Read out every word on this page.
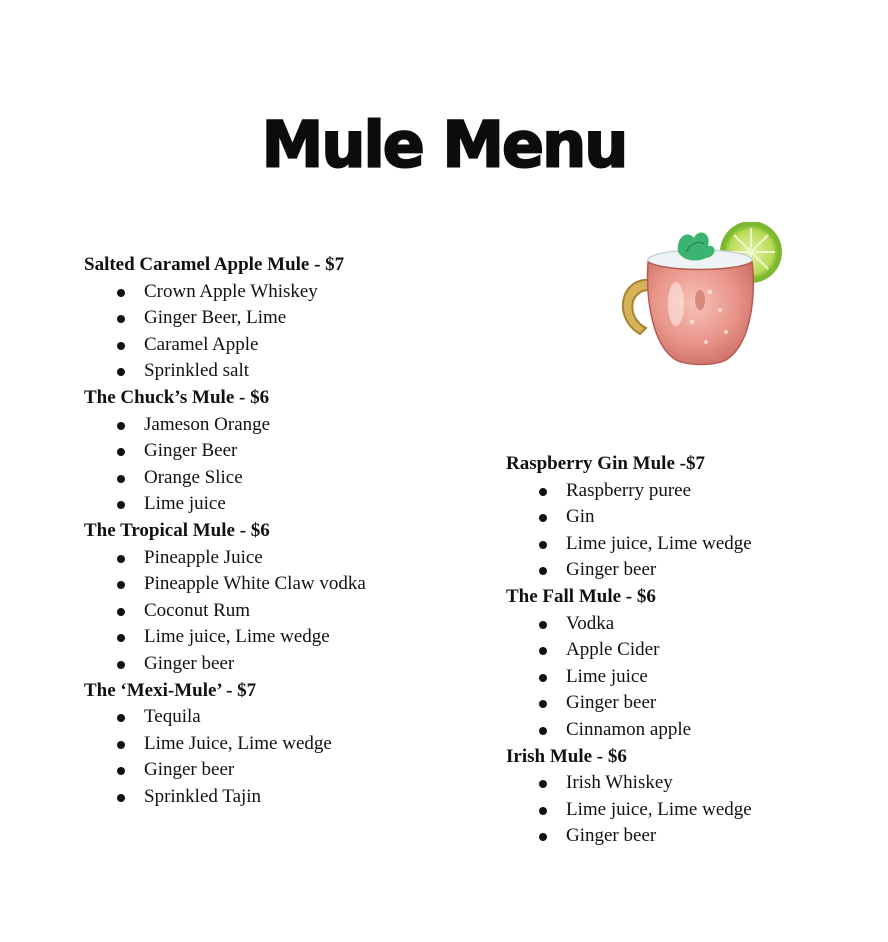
Mule Menu
Salted Caramel Apple Mule - $7
Crown Apple Whiskey
Ginger Beer, Lime
Caramel Apple
Sprinkled salt
The Chuck’s Mule - $6
Jameson Orange
Ginger Beer
Orange Slice
Lime juice
The Tropical Mule - $6
Pineapple Juice
Pineapple White Claw vodka
Coconut Rum
Lime juice, Lime wedge
Ginger beer
The ‘Mexi-Mule’ - $7
Tequila
Lime Juice, Lime wedge
Ginger beer
Sprinkled Tajin
Raspberry Gin Mule -$7
Raspberry puree
Gin
Lime juice, Lime wedge
Ginger beer
The Fall Mule - $6
Vodka
Apple Cider
Lime juice
Ginger beer
Cinnamon apple
Irish Mule - $6
Irish Whiskey
Lime juice, Lime wedge
Ginger beer
